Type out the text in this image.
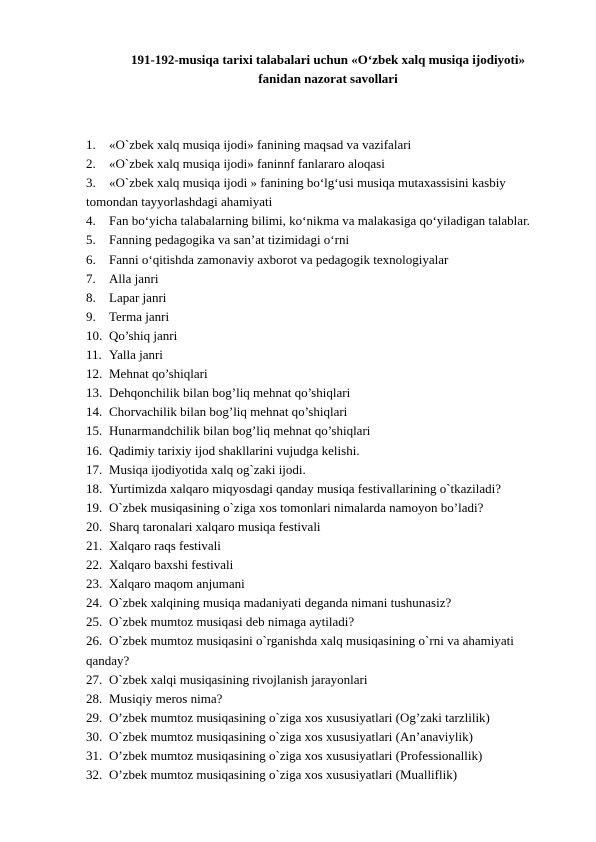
191-192-musiqa tarixi talabalari uchun «O‘zbek xalq musiqa ijodiyoti»
fanidan nazorat savollari
1. «O`zbek xalq musiqa ijodi» fanining maqsad va vazifalari
2. «O`zbek xalq musiqa ijodi» faninnf fanlararo aloqasi
3. «O`zbek xalq musiqa ijodi » fanining bo‘lg‘usi musiqa mutaxassisini kasbiy tomondan tayyorlashdagi ahamiyati
4. Fan bo‘yicha talabalarning bilimi, ko‘nikma va malakasiga qo‘yiladigan talablar.
5. Fanning pedagogika va san’at tizimidagi o‘rni
6. Fanni o‘qitishda zamonaviy axborot va pedagogik texnologiyalar
7. Alla janri
8. Lapar janri
9. Terma janri
10. Qo’shiq janri
11. Yalla janri
12. Mehnat qo’shiqlari
13. Dehqonchilik bilan bog’liq mehnat qo’shiqlari
14. Chorvachilik bilan bog’liq mehnat qo’shiqlari
15. Hunarmandchilik bilan bog’liq mehnat qo’shiqlari
16. Qadimiy tarixiy ijod shakllarini vujudga kelishi.
17. Musiqa ijodiyotida xalq og`zaki ijodi.
18. Yurtimizda xalqaro miqyosdagi qanday musiqa festivallarining o`tkaziladi?
19. O`zbek musiqasining o`ziga xos tomonlari nimalarda namoyon bo’ladi?
20. Sharq taronalari xalqaro musiqa festivali
21. Xalqaro raqs festivali
22. Xalqaro baxshi festivali
23. Xalqaro maqom anjumani
24. O`zbek xalqining musiqa madaniyati deganda nimani tushunasiz?
25. O`zbek mumtoz musiqasi deb nimaga aytiladi?
26. O`zbek mumtoz musiqasini o`rganishda xalq musiqasining o`rni va ahamiyati qanday?
27. O`zbek xalqi musiqasining rivojlanish jarayonlari
28. Musiqiy meros nima?
29. O’zbek mumtoz musiqasining o`ziga xos xususiyatlari (Og’zaki tarzlilik)
30. O`zbek mumtoz musiqasining o`ziga xos xususiyatlari (An’anaviylik)
31. O’zbek mumtoz musiqasining o`ziga xos xususiyatlari (Professionallik)
32. O’zbek mumtoz musiqasining o`ziga xos xususiyatlari (Mualliflik)
